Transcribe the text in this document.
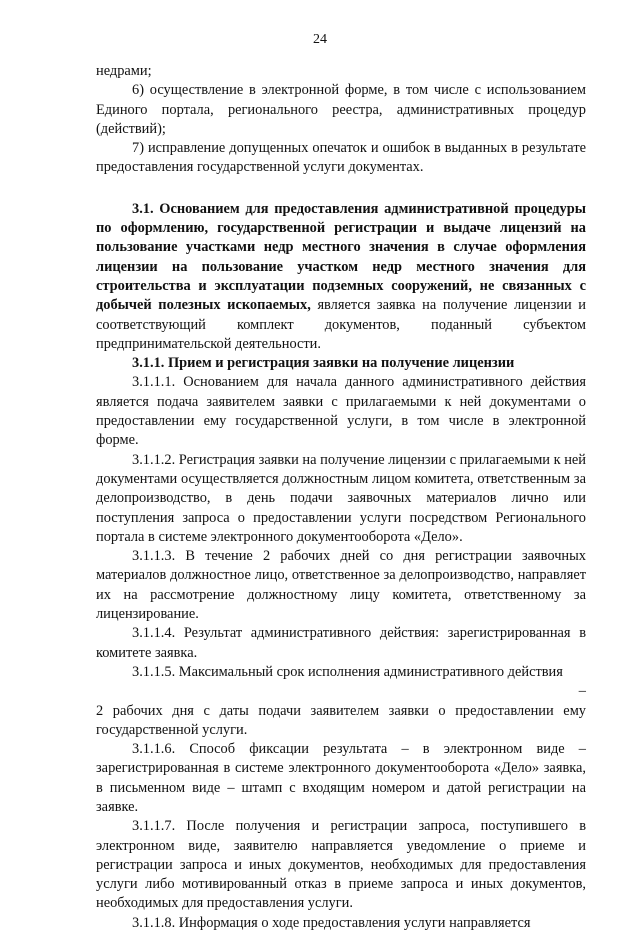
24

недрами;

6) осуществление в электронной форме, в том числе с использованием Единого портала, регионального реестра, административных процедур (действий);

7) исправление допущенных опечаток и ошибок в выданных в результате предоставления государственной услуги документах.

3.1. Основанием для предоставления административной процедуры по оформлению, государственной регистрации и выдаче лицензий на пользование участками недр местного значения в случае оформления лицензии на пользование участком недр местного значения для строительства и эксплуатации подземных сооружений, не связанных с добычей полезных ископаемых, является заявка на получение лицензии и соответствующий комплект документов, поданный субъектом предпринимательской деятельности.

3.1.1. Прием и регистрация заявки на получение лицензии

3.1.1.1. Основанием для начала данного административного действия является подача заявителем заявки с прилагаемыми к ней документами о предоставлении ему государственной услуги, в том числе в электронной форме.

3.1.1.2. Регистрация заявки на получение лицензии с прилагаемыми к ней документами осуществляется должностным лицом комитета, ответственным за делопроизводство, в день подачи заявочных материалов лично или поступления запроса о предоставлении услуги посредством Регионального портала в системе электронного документооборота «Дело».

3.1.1.3. В течение 2 рабочих дней со дня регистрации заявочных материалов должностное лицо, ответственное за делопроизводство, направляет их на рассмотрение должностному лицу комитета, ответственному за лицензирование.

3.1.1.4. Результат административного действия: зарегистрированная в комитете заявка.

3.1.1.5. Максимальный срок исполнения административного действия

–

2 рабочих дня с даты подачи заявителем заявки о предоставлении ему государственной услуги.

3.1.1.6. Способ фиксации результата – в электронном виде – зарегистрированная в системе электронного документооборота «Дело» заявка, в письменном виде – штамп с входящим номером и датой регистрации на заявке.

3.1.1.7. После получения и регистрации запроса, поступившего в электронном виде, заявителю направляется уведомление о приеме и регистрации запроса и иных документов, необходимых для предоставления услуги либо мотивированный отказ в приеме запроса и иных документов, необходимых для предоставления услуги.

3.1.1.8. Информация о ходе предоставления услуги направляется
